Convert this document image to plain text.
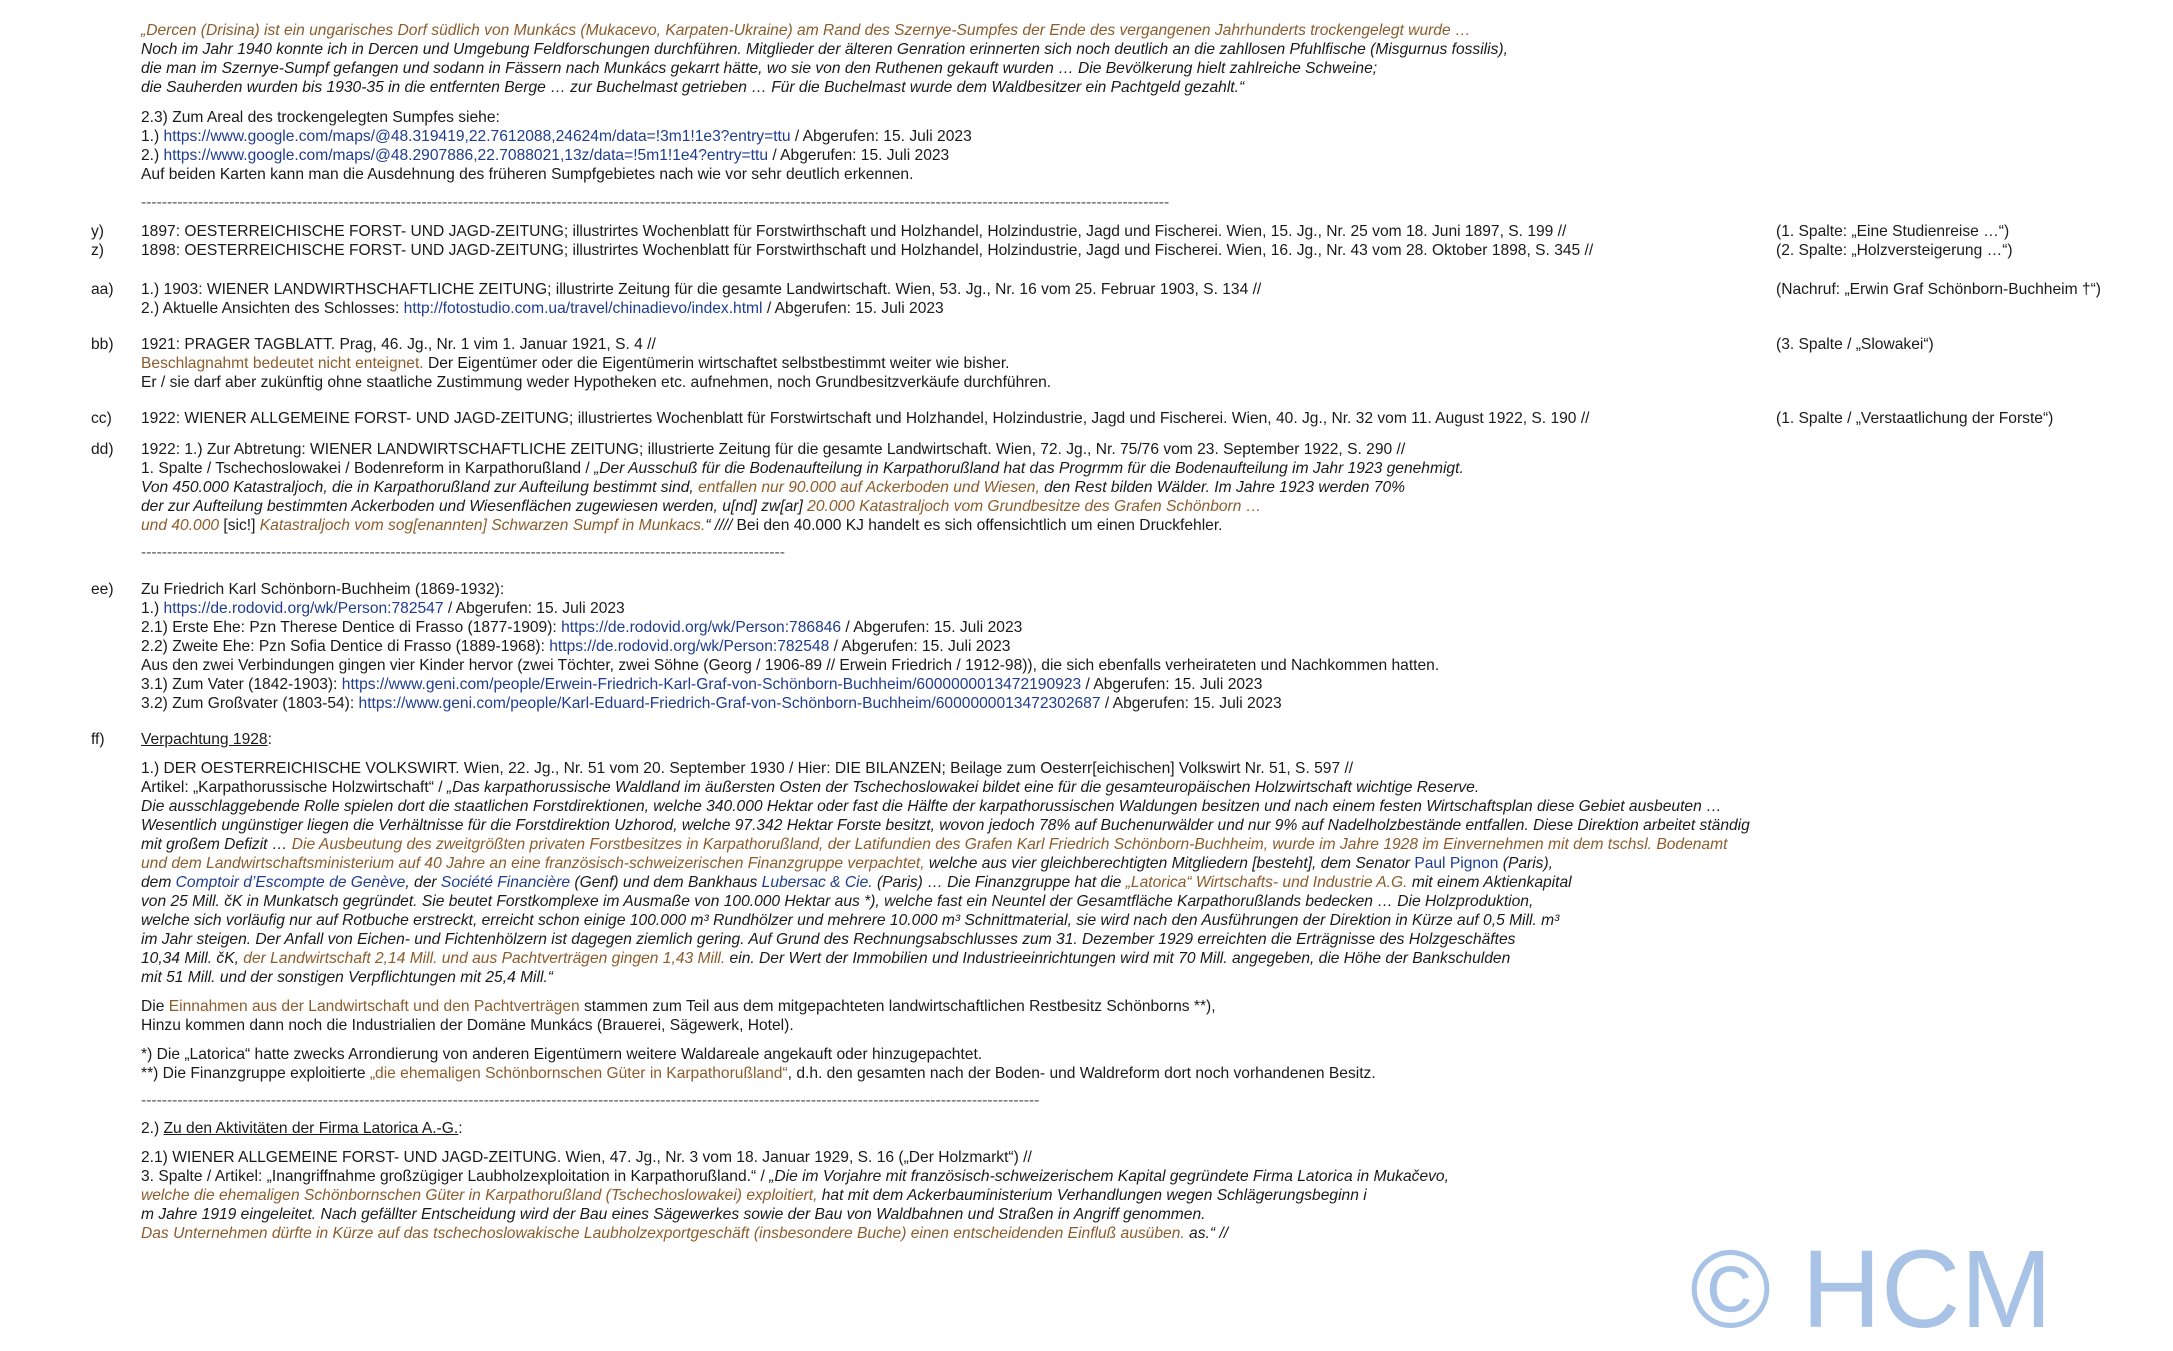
„Dercen (Drisina) ist ein ungarisches Dorf südlich von Munkács (Mukacevo, Karpaten-Ukraine) am Rand des Szernye-Sumpfes der Ende des vergangenen Jahrhunderts trockengelegt wurde …
Noch im Jahr 1940 konnte ich in Dercen und Umgebung Feldforschungen durchführen. Mitglieder der älteren Genration erinnerten sich noch deutlich an die zahllosen Pfuhlfische (Misgurnus fossilis),
die man im Szernye-Sumpf gefangen und sodann in Fässern nach Munkács gekarrt hätte, wo sie von den Ruthenen gekauft wurden … Die Bevölkerung hielt zahlreiche Schweine;
die Sauherden wurden bis 1930-35 in die entfernten Berge … zur Buchelmast getrieben … Für die Buchelmast wurde dem Waldbesitzer ein Pachtgeld gezahlt.“
2.3) Zum Areal des trockengelegten Sumpfes siehe:
1.) https://www.google.com/maps/@48.319419,22.7612088,24624m/data=!3m1!1e3?entry=ttu / Abgerufen: 15. Juli 2023
2.) https://www.google.com/maps/@48.2907886,22.7088021,13z/data=!5m1!1e4?entry=ttu / Abgerufen: 15. Juli 2023
Auf beiden Karten kann man die Ausdehnung des früheren Sumpfgebietes nach wie vor sehr deutlich erkennen.
------------------------------------------------------------------------------------------------------------------------------------------------------------------------------------------------------
y) 1897: OESTERREICHISCHE FORST- UND JAGD-ZEITUNG; illustrirtes Wochenblatt für Forstwirthschaft und Holzhandel, Holzindustrie, Jagd und Fischerei. Wien, 15. Jg., Nr. 25 vom 18. Juni 1897, S. 199 //	(1. Spalte: „Eine Studienreise …“)
z) 1898: OESTERREICHISCHE FORST- UND JAGD-ZEITUNG; illustrirtes Wochenblatt für Forstwirthschaft und Holzhandel, Holzindustrie, Jagd und Fischerei. Wien, 16. Jg., Nr. 43 vom 28. Oktober 1898, S. 345 //	(2. Spalte: „Holzversteigerung …“)
aa) 1.) 1903: WIENER LANDWIRTHSCHAFTLICHE ZEITUNG; illustrirte Zeitung für die gesamte Landwirtschaft. Wien, 53. Jg., Nr. 16 vom 25. Februar 1903, S. 134 //	(Nachruf: „Erwin Graf Schönborn-Buchheim †“)
2.) Aktuelle Ansichten des Schlosses: http://fotostudio.com.ua/travel/chinadievo/index.html / Abgerufen: 15. Juli 2023
bb) 1921: PRAGER TAGBLATT. Prag, 46. Jg., Nr. 1 vim 1. Januar 1921, S. 4 //	(3. Spalte / „Slowakei“)
Beschlagnahmt bedeutet nicht enteignet. Der Eigentümer oder die Eigentümerin wirtschaftet selbstbestimmt weiter wie bisher.
Er / sie darf aber zukünftig ohne staatliche Zustimmung weder Hypotheken etc. aufnehmen, noch Grundbesitzverkäufe durchführen.
cc) 1922: WIENER ALLGEMEINE FORST- UND JAGD-ZEITUNG; illustriertes Wochenblatt für Forstwirtschaft und Holzhandel, Holzindustrie, Jagd und Fischerei. Wien, 40. Jg., Nr. 32 vom 11. August 1922, S. 190 //	(1. Spalte / „Verstaatlichung der Forste“)
dd) 1922: 1.) Zur Abtretung: WIENER LANDWIRTSCHAFTLICHE ZEITUNG; illustrierte Zeitung für die gesamte Landwirtschaft. Wien, 72. Jg., Nr. 75/76 vom 23. September 1922, S. 290 //
1. Spalte / Tschechoslowakei / Bodenreform in Karpathorußland / „Der Ausschuß für die Bodenaufteilung in Karpathorußland hat das Progrmm für die Bodenaufteilung im Jahr 1923 genehmigt.
Von 450.000 Katastraljoch, die in Karpathorußland zur Aufteilung bestimmt sind, entfallen nur 90.000 auf Ackerboden und Wiesen, den Rest bilden Wälder. Im Jahre 1923 werden 70%
der zur Aufteilung bestimmten Ackerboden und Wiesenflächen zugewiesen werden, u[nd] zw[ar] 20.000 Katastraljoch vom Grundbesitze des Grafen Schönborn …
und 40.000 [sic!] Katastraljoch vom sog[enannten] Schwarzen Sumpf in Munkacs.“ //// Bei den 40.000 KJ handelt es sich offensichtlich um einen Druckfehler.
----------------------------------------------------------------------------------------------------------------------------
ee) Zu Friedrich Karl Schönborn-Buchheim (1869-1932):
1.) https://de.rodovid.org/wk/Person:782547 / Abgerufen: 15. Juli 2023
2.1) Erste Ehe: Pzn Therese Dentice di Frasso (1877-1909): https://de.rodovid.org/wk/Person:786846 / Abgerufen: 15. Juli 2023
2.2) Zweite Ehe: Pzn Sofia Dentice di Frasso (1889-1968): https://de.rodovid.org/wk/Person:782548 / Abgerufen: 15. Juli 2023
Aus den zwei Verbindungen gingen vier Kinder hervor (zwei Töchter, zwei Söhne (Georg / 1906-89 // Erwein Friedrich / 1912-98)), die sich ebenfalls verheirateten und Nachkommen hatten.
3.1) Zum Vater (1842-1903): https://www.geni.com/people/Erwein-Friedrich-Karl-Graf-von-Schönborn-Buchheim/6000000013472190923 / Abgerufen: 15. Juli 2023
3.2) Zum Großvater (1803-54): https://www.geni.com/people/Karl-Eduard-Friedrich-Graf-von-Schönborn-Buchheim/6000000013472302687 / Abgerufen: 15. Juli 2023
ff) Verpachtung 1928:
1.) DER OESTERREICHISCHE VOLKSWIRT. Wien, 22. Jg., Nr. 51 vom 20. September 1930 / Hier: DIE BILANZEN; Beilage zum Oesterr[eichischen] Volkswirt Nr. 51, S. 597 //
Artikel: „Karpathorussische Holzwirtschaft“ / „Das karpathorussische Waldland im äußersten Osten der Tschechoslowakei bildet eine für die gesamteuropäischen Holzwirtschaft wichtige Reserve.
Die ausschlaggebende Rolle spielen dort die staatlichen Forstdirektionen, welche 340.000 Hektar oder fast die Hälfte der karpathorussischen Waldungen besitzen und nach einem festen Wirtschaftsplan diese Gebiet ausbeuten …
Wesentlich ungünstiger liegen die Verhältnisse für die Forstdirektion Uzhorod, welche 97.342 Hektar Forste besitzt, wovon jedoch 78% auf Buchenurwälder und nur 9% auf Nadelholzbestände entfallen. Diese Direktion arbeitet ständig
mit großem Defizit … Die Ausbeutung des zweitgrößten privaten Forstbesitzes in Karpathorußland, der Latifundien des Grafen Karl Friedrich Schönborn-Buchheim, wurde im Jahre 1928 im Einvernehmen mit dem tschsl. Bodenamt
und dem Landwirtschaftsministerium auf 40 Jahre an eine französisch-schweizerischen Finanzgruppe verpachtet, welche aus vier gleichberechtigten Mitgliedern [besteht], dem Senator Paul Pignon (Paris),
dem Comptoir d’Escompte de Genève, der Société Financière (Genf) und dem Bankhaus Lubersac & Cie. (Paris) … Die Finanzgruppe hat die „Latorica“ Wirtschafts- und Industrie A.G. mit einem Aktienkapital
von 25 Mill. čK in Munkatsch gegründet. Sie beutet Forstkomplexe im Ausmaße von 100.000 Hektar aus *), welche fast ein Neuntel der Gesamtfläche Karpathorußlands bedecken … Die Holzproduktion,
welche sich vorläufig nur auf Rotbuche erstreckt, erreicht schon einige 100.000 m³ Rundhölzer und mehrere 10.000 m³ Schnittmaterial, sie wird nach den Ausführungen der Direktion in Kürze auf 0,5 Mill. m³
im Jahr steigen. Der Anfall von Eichen- und Fichtenhölzern ist dagegen ziemlich gering. Auf Grund des Rechnungsabschlusses zum 31. Dezember 1929 erreichten die Erträgnisse des Holzgeschäftes
10,34 Mill. čK, der Landwirtschaft 2,14 Mill. und aus Pachtverträgen gingen 1,43 Mill. ein. Der Wert der Immobilien und Industrieeinrichtungen wird mit 70 Mill. angegeben, die Höhe der Bankschulden
mit 51 Mill. und der sonstigen Verpflichtungen mit 25,4 Mill.“
Die Einnahmen aus der Landwirtschaft und den Pachtverträgen stammen zum Teil aus dem mitgepachteten landwirtschaftlichen Restbesitz Schönborns **),
Hinzu kommen dann noch die Industrialien der Domäne Munkács (Brauerei, Sägewerk, Hotel).
*) Die „Latorica“ hatte zwecks Arrondierung von anderen Eigentümern weitere Waldareale angekauft oder hinzugepachtet.
**) Die Finanzgruppe exploitierte „die ehemaligen Schönbornschen Güter in Karpathorußland“, d.h. den gesamten nach der Boden- und Waldreform dort noch vorhandenen Besitz.
-----------------------------------------------------------------------------------------------------------------------------------------------------------------------------
2.) Zu den Aktivitäten der Firma Latorica A.-G.:
2.1) WIENER ALLGEMEINE FORST- UND JAGD-ZEITUNG. Wien, 47. Jg., Nr. 3 vom 18. Januar 1929, S. 16 („Der Holzmarkt“) //
3. Spalte / Artikel: „Inangriffnahme großzügiger Laubholzexploitation in Karpathorußland.“ / „Die im Vorjahre mit französisch-schweizerischem Kapital gegründete Firma Latorica in Mukačevo,
welche die ehemaligen Schönbornschen Güter in Karpathorußland (Tschechoslowakei) exploitiert, hat mit dem Ackerbauministerium Verhandlungen wegen Schlägerungsbeginn i
m Jahre 1919 eingeleitet. Nach gefällter Entscheidung wird der Bau eines Sägewerkes sowie der Bau von Waldbahnen und Straßen in Angriff genommen.
Das Unternehmen dürfte in Kürze auf das tschechoslowakische Laubholzexportgeschäft (insbesondere Buche) einen entscheidenden Einfluß ausüben. as.“ //	© HCM
